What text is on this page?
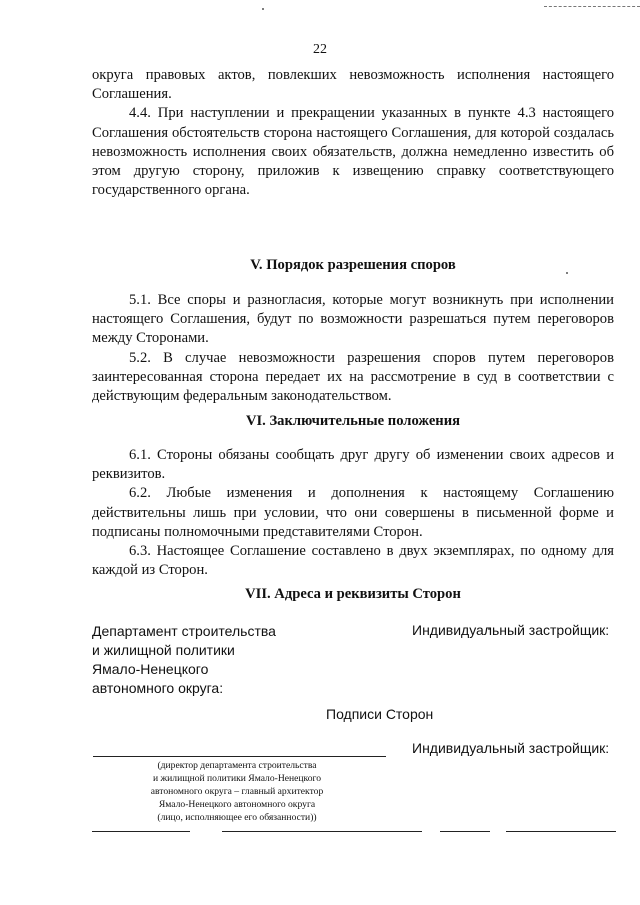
22

округа правовых актов, повлекших невозможность исполнения настоящего Соглашения.

4.4. При наступлении и прекращении указанных в пункте 4.3 настоящего Соглашения обстоятельств сторона настоящего Соглашения, для которой создалась невозможность исполнения своих обязательств, должна немедленно известить об этом другую сторону, приложив к извещению справку соответствующего государственного органа.

V. Порядок разрешения споров

5.1. Все споры и разногласия, которые могут возникнуть при исполнении настоящего Соглашения, будут по возможности разрешаться путем переговоров между Сторонами.

5.2. В случае невозможности разрешения споров путем переговоров заинтересованная сторона передает их на рассмотрение в суд в соответствии с действующим федеральным законодательством.

VI. Заключительные положения

6.1. Стороны обязаны сообщать друг другу об изменении своих адресов и реквизитов.

6.2. Любые изменения и дополнения к настоящему Соглашению действительны лишь при условии, что они совершены в письменной форме и подписаны полномочными представителями Сторон.

6.3. Настоящее Соглашение составлено в двух экземплярах, по одному для каждой из Сторон.

VII. Адреса и реквизиты Сторон
Департамент строительства
и жилищной политики
Ямало-Ненецкого
автономного округа:
Индивидуальный застройщик:
Подписи Сторон
Индивидуальный застройщик:
(директор департамента строительства
и жилищной политики Ямало-Ненецкого
автономного округа – главный архитектор
Ямало-Ненецкого автономного округа
(лицо, исполняющее его обязанности))
